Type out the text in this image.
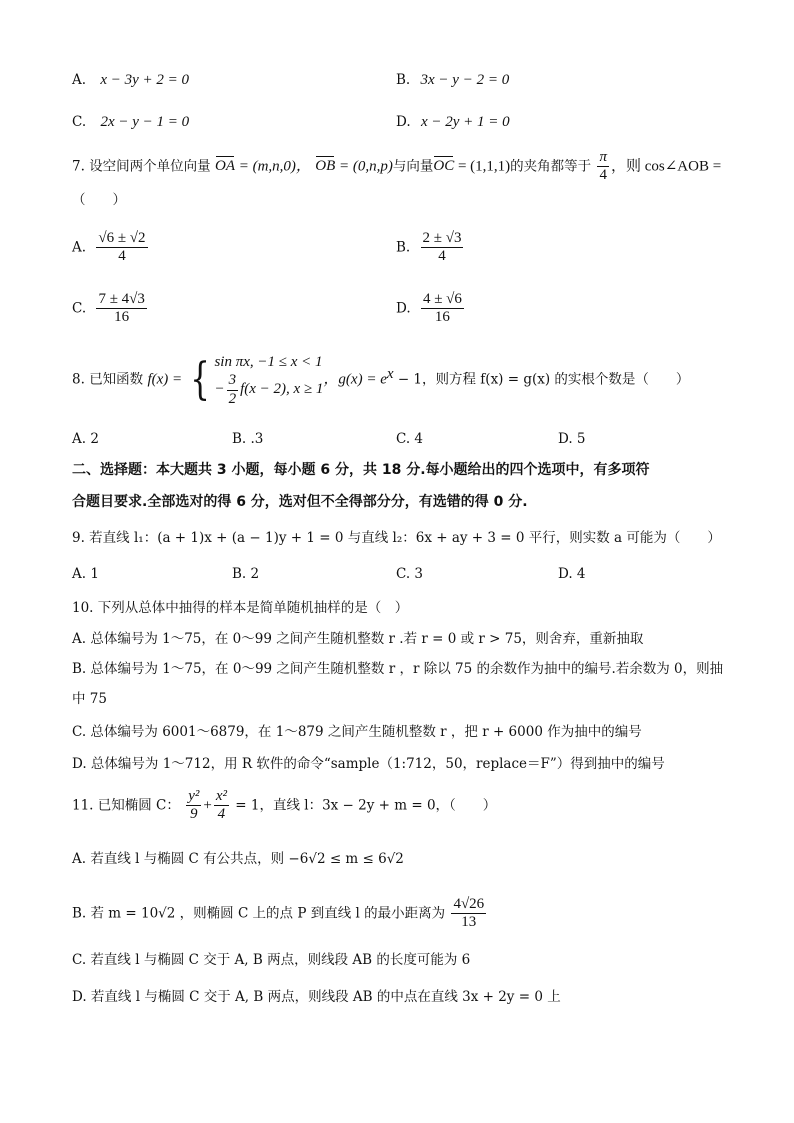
A. x − 3y + 2 = 0	B. 3x − y − 2 = 0
C. 2x − y − 1 = 0	D. x − 2y + 1 = 0
7. 设空间两个单位向量 OA = (m,n,0)， OB = (0,n,p)与向量OC = (1,1,1)的夹角都等于 $\frac{\pi}{4}$ ，则 cos∠AOB =
（　　）
A. $\frac{√6 \pm √2}{4}$	B. $\frac{2 \pm √3}{4}$
C. $\frac{7 \pm 4√3}{16}$	D. $\frac{4 \pm √6}{16}$
8. 已知函数 f(x) = { sin πx, −1 ≤ x < 1
− $\frac{3}{2} f(x - 2)$, x ≥ 1
，$g(x) = e^x - 1$，则方程 f(x) = g(x) 的实根个数是（　　）
A. 2	B. .3	C. 4	D. 5
二、选择题：本大题共 3 小题，每小题 6 分，共 18 分.每小题给出的四个选项中，有多项符
合题目要求.全部选对的得 6 分，选对但不全得部分分，有选错的得 0 分.
9. 若直线 l₁：(a + 1)x + (a − 1)y + 1 = 0 与直线 l₂：6x + ay + 3 = 0 平行，则实数 a 可能为（　　）
A. 1	B. 2	C. 3	D. 4
10. 下列从总体中抽得的样本是简单随机抽样的是（　）
A. 总体编号为 1～75，在 0～99 之间产生随机整数 r .若 r = 0 或 r > 75，则舍弃，重新抽取
B. 总体编号为 1～75，在 0～99 之间产生随机整数 r ，r 除以 75 的余数作为抽中的编号.若余数为 0，则抽
中 75
C. 总体编号为 6001～6879，在 1～879 之间产生随机整数 r ，把 r + 6000 作为抽中的编号
D. 总体编号为 1～712，用 R 软件的命令“sample（1:712，50，replace＝F”）得到抽中的编号
11. 已知椭圆 C： $\frac{\text{y²}}{9} + \frac{\text{x²}}{4} = 1$，直线 l：3x − 2y + m = 0，（　　）
A. 若直线 l 与椭圆 C 有公共点，则 −6√2 ≤ m ≤ 6√2
B. 若 m = 10√2 ，则椭圆 C 上的点 P 到直线 l 的最小距离为 $\frac{4√26}{13}$
C. 若直线 l 与椭圆 C 交于 A, B 两点，则线段 AB 的长度可能为 6
D. 若直线 l 与椭圆 C 交于 A, B 两点，则线段 AB 的中点在直线 3x + 2y = 0 上
